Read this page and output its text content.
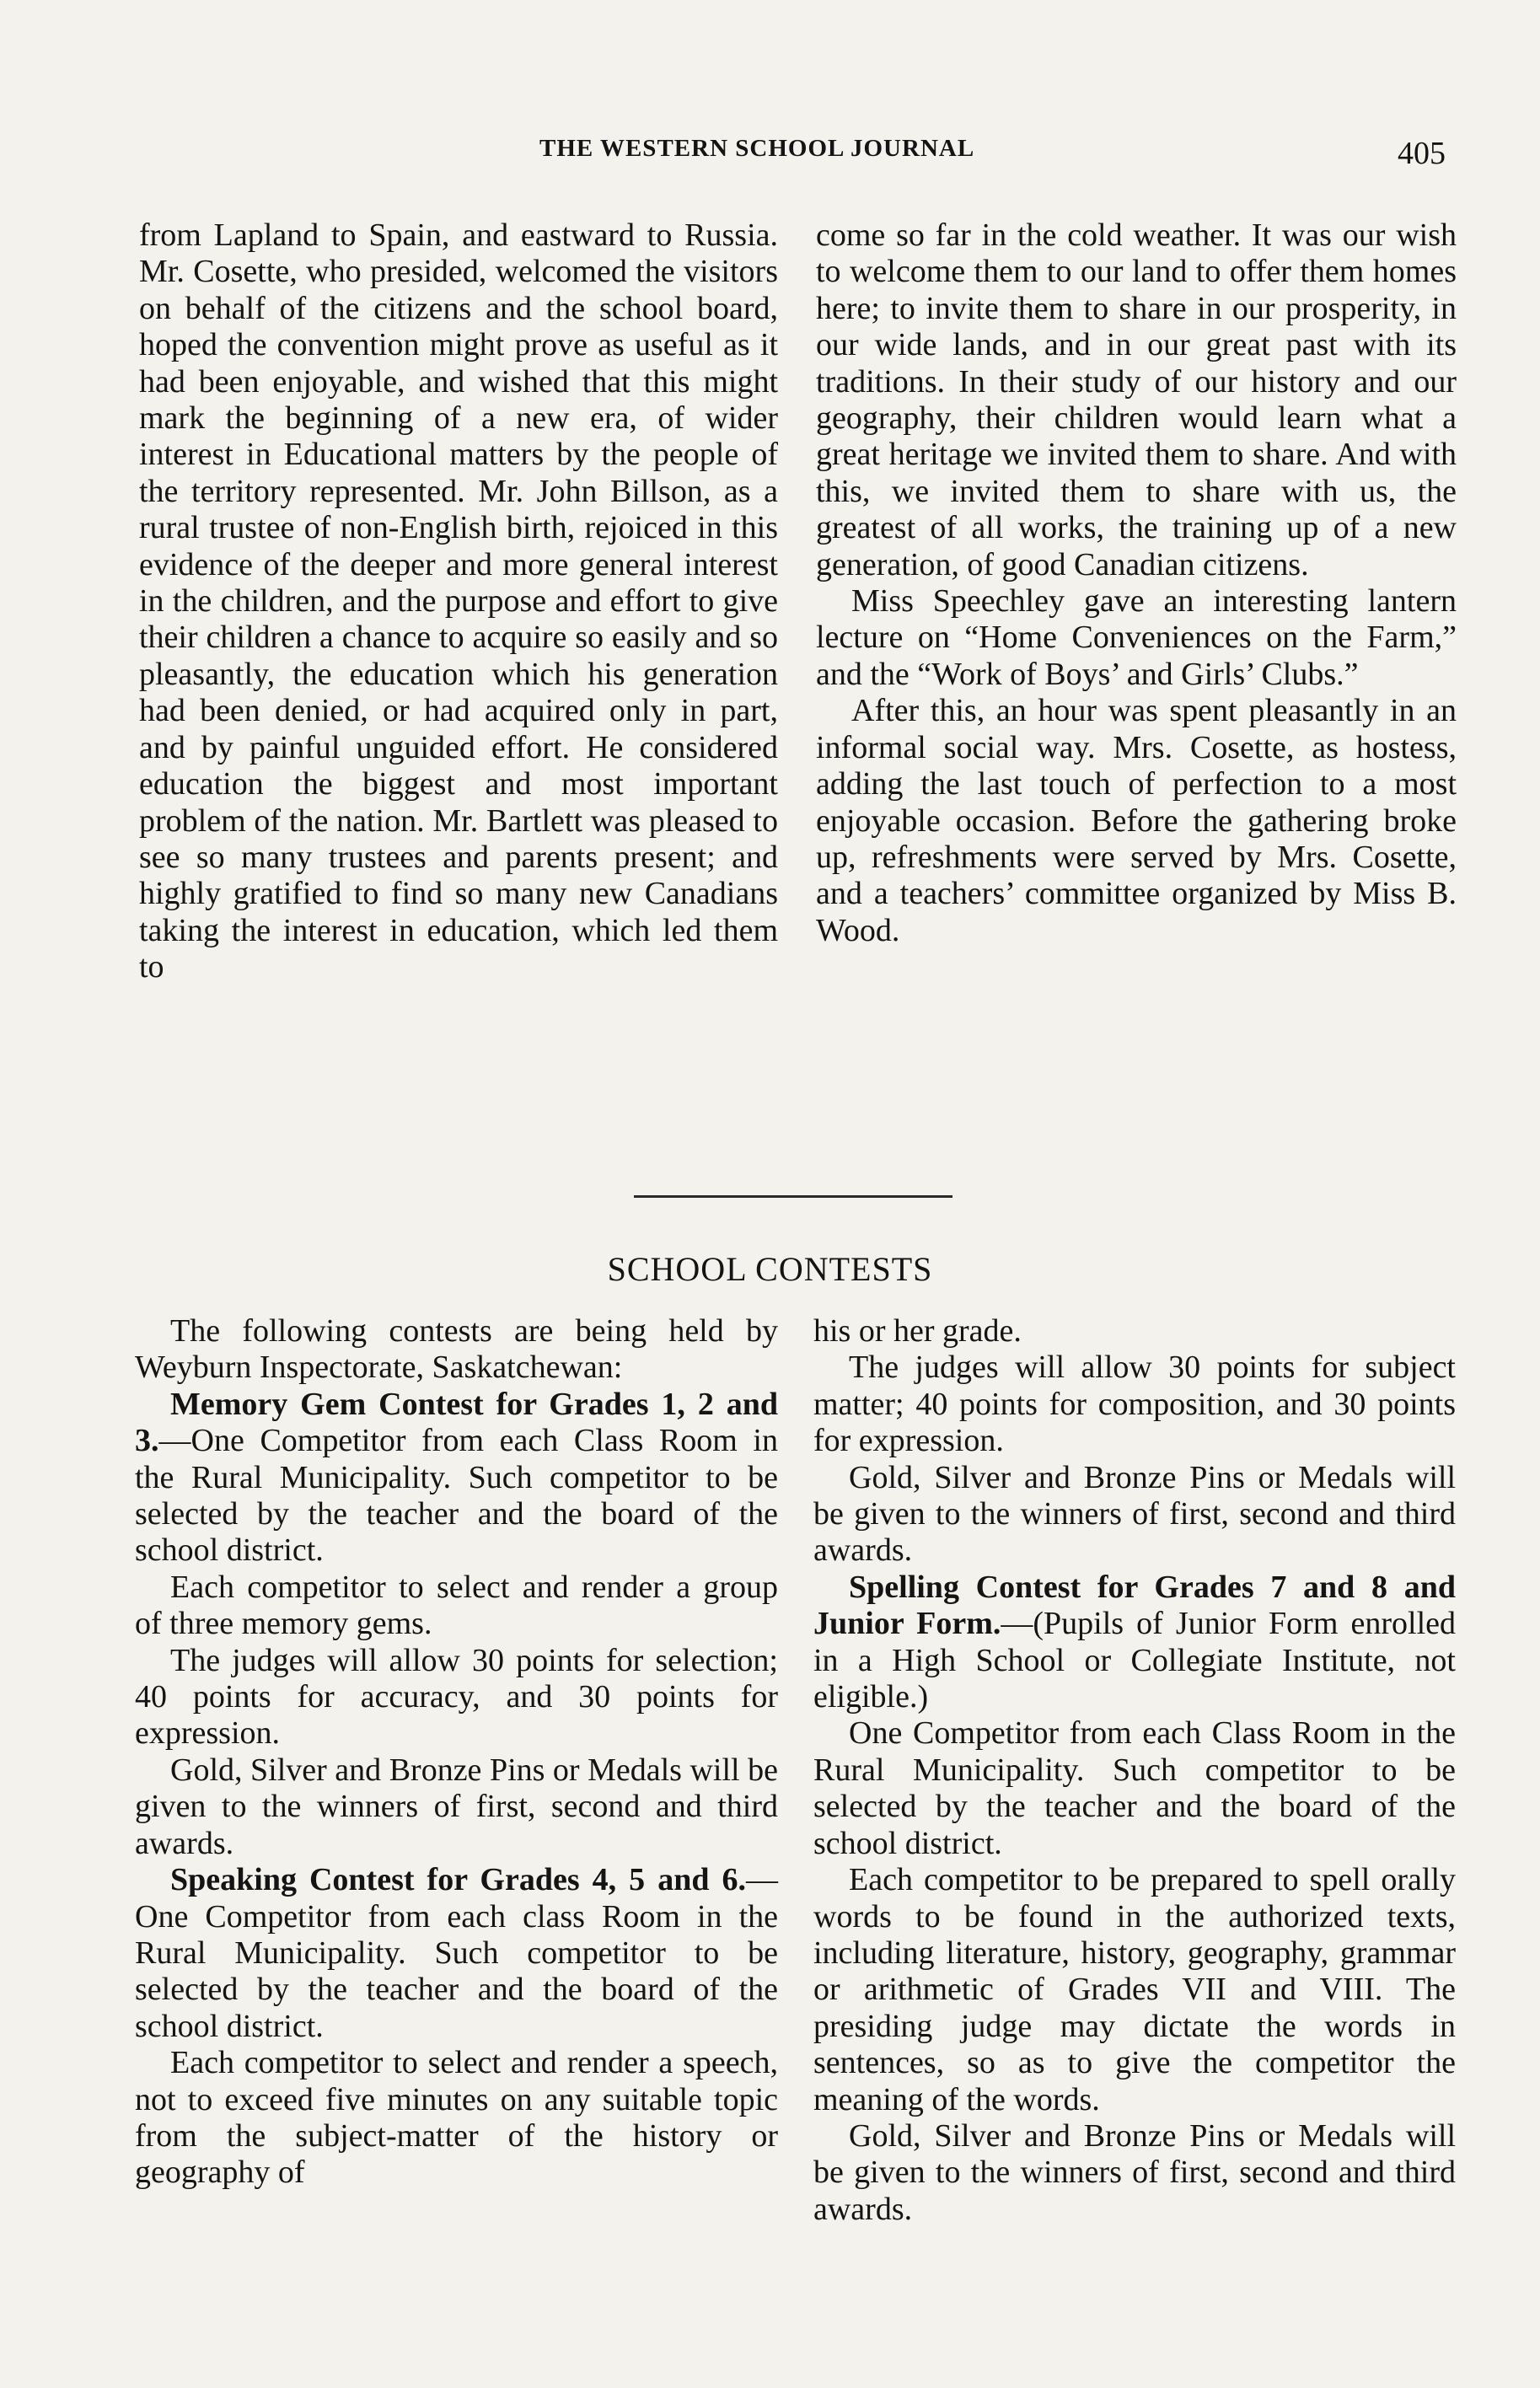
THE WESTERN SCHOOL JOURNAL	405

from Lapland to Spain, and eastward to Russia. Mr. Cosette, who presided, welcomed the visitors on behalf of the citizens and the school board, hoped the convention might prove as useful as it had been enjoyable, and wished that this might mark the beginning of a new era, of wider interest in Educational matters by the people of the territory represented. Mr. John Billson, as a rural trustee of non-English birth, rejoiced in this evidence of the deeper and more general interest in the children, and the purpose and effort to give their children a chance to acquire so easily and so pleasantly, the education which his generation had been denied, or had acquired only in part, and by painful unguided effort. He considered education the biggest and most important problem of the nation. Mr. Bartlett was pleased to see so many trustees and parents present; and highly gratified to find so many new Canadians taking the interest in education, which led them to

come so far in the cold weather. It was our wish to welcome them to our land to offer them homes here; to invite them to share in our prosperity, in our wide lands, and in our great past with its traditions. In their study of our history and our geography, their children would learn what a great heritage we invited them to share. And with this, we invited them to share with us, the greatest of all works, the training up of a new generation, of good Canadian citizens.

Miss Speechley gave an interesting lantern lecture on “Home Conveniences on the Farm,” and the “Work of Boys’ and Girls’ Clubs.”

After this, an hour was spent pleasantly in an informal social way. Mrs. Cosette, as hostess, adding the last touch of perfection to a most enjoyable occasion. Before the gathering broke up, refreshments were served by Mrs. Cosette, and a teachers’ committee organized by Miss B. Wood.

SCHOOL CONTESTS

The following contests are being held by Weyburn Inspectorate, Saskatchewan:

Memory Gem Contest for Grades 1, 2 and 3.—One Competitor from each Class Room in the Rural Municipality. Such competitor to be selected by the teacher and the board of the school district.

Each competitor to select and render a group of three memory gems.

The judges will allow 30 points for selection; 40 points for accuracy, and 30 points for expression.

Gold, Silver and Bronze Pins or Medals will be given to the winners of first, second and third awards.

Speaking Contest for Grades 4, 5 and 6.—One Competitor from each class Room in the Rural Municipality. Such competitor to be selected by the teacher and the board of the school district.

Each competitor to select and render a speech, not to exceed five minutes on any suitable topic from the subject-matter of the history or geography of

his or her grade.

The judges will allow 30 points for subject matter; 40 points for composition, and 30 points for expression.

Gold, Silver and Bronze Pins or Medals will be given to the winners of first, second and third awards.

Spelling Contest for Grades 7 and 8 and Junior Form.—(Pupils of Junior Form enrolled in a High School or Collegiate Institute, not eligible.)

One Competitor from each Class Room in the Rural Municipality. Such competitor to be selected by the teacher and the board of the school district.

Each competitor to be prepared to spell orally words to be found in the authorized texts, including literature, history, geography, grammar or arithmetic of Grades VII and VIII. The presiding judge may dictate the words in sentences, so as to give the competitor the meaning of the words.

Gold, Silver and Bronze Pins or Medals will be given to the winners of first, second and third awards.
